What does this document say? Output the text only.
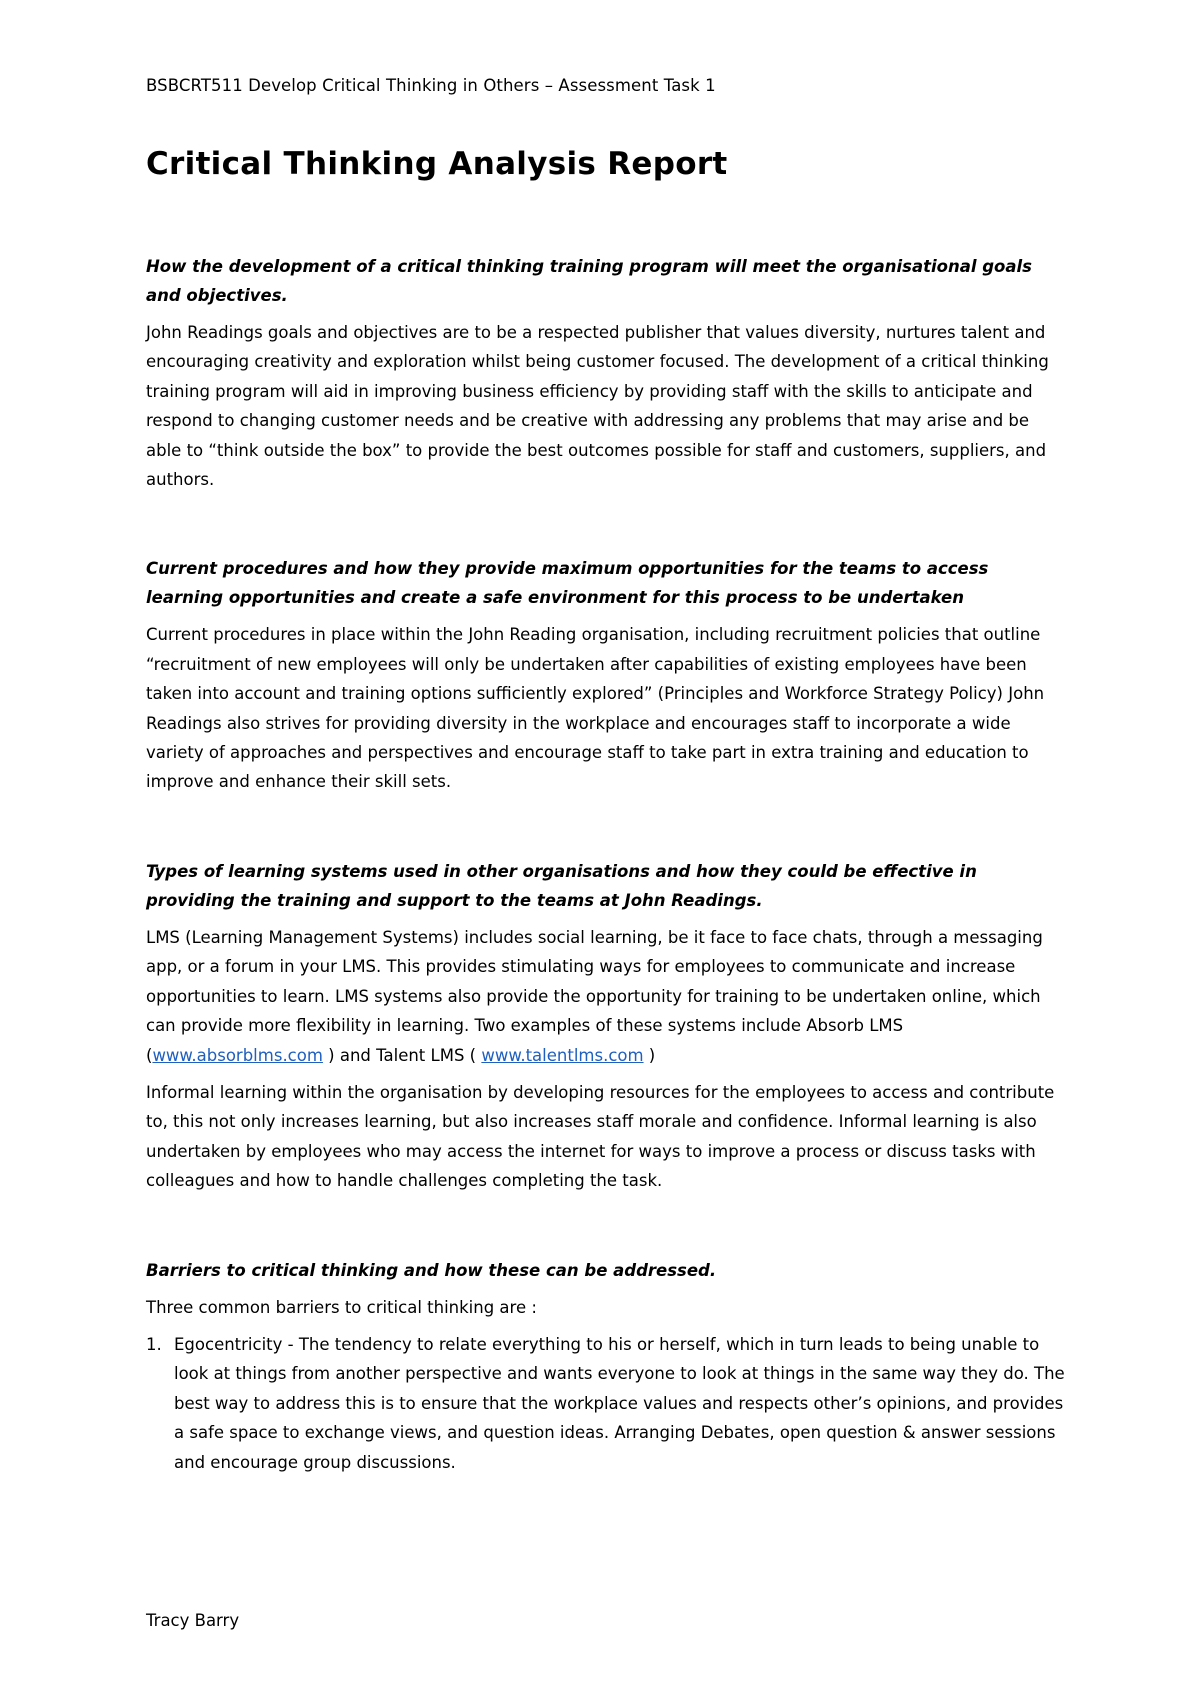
BSBCRT511 Develop Critical Thinking in Others – Assessment Task 1
Critical Thinking Analysis Report

How the development of a critical thinking training program will meet the organisational goals and objectives.

John Readings goals and objectives are to be a respected publisher that values diversity, nurtures talent and encouraging creativity and exploration whilst being customer focused. The development of a critical thinking training program will aid in improving business efficiency by providing staff with the skills to anticipate and respond to changing customer needs and be creative with addressing any problems that may arise and be able to “think outside the box” to provide the best outcomes possible for staff and customers, suppliers, and authors.

Current procedures and how they provide maximum opportunities for the teams to access learning opportunities and create a safe environment for this process to be undertaken

Current procedures in place within the John Reading organisation, including recruitment policies that outline “recruitment of new employees will only be undertaken after capabilities of existing employees have been taken into account and training options sufficiently explored” (Principles and Workforce Strategy Policy) John Readings also strives for providing diversity in the workplace and encourages staff to incorporate a wide variety of approaches and perspectives and encourage staff to take part in extra training and education to improve and enhance their skill sets.

Types of learning systems used in other organisations and how they could be effective in providing the training and support to the teams at John Readings.

LMS (Learning Management Systems) includes social learning, be it face to face chats, through a messaging app, or a forum in your LMS. This provides stimulating ways for employees to communicate and increase opportunities to learn. LMS systems also provide the opportunity for training to be undertaken online, which can provide more flexibility in learning. Two examples of these systems include Absorb LMS (www.absorblms.com ) and Talent LMS ( www.talentlms.com )

Informal learning within the organisation by developing resources for the employees to access and contribute to, this not only increases learning, but also increases staff morale and confidence. Informal learning is also undertaken by employees who may access the internet for ways to improve a process or discuss tasks with colleagues and how to handle challenges completing the task.

Barriers to critical thinking and how these can be addressed.

Three common barriers to critical thinking are :

1. Egocentricity - The tendency to relate everything to his or herself, which in turn leads to being unable to look at things from another perspective and wants everyone to look at things in the same way they do. The best way to address this is to ensure that the workplace values and respects other’s opinions, and provides a safe space to exchange views, and question ideas. Arranging Debates, open question & answer sessions and encourage group discussions.
Tracy Barry
